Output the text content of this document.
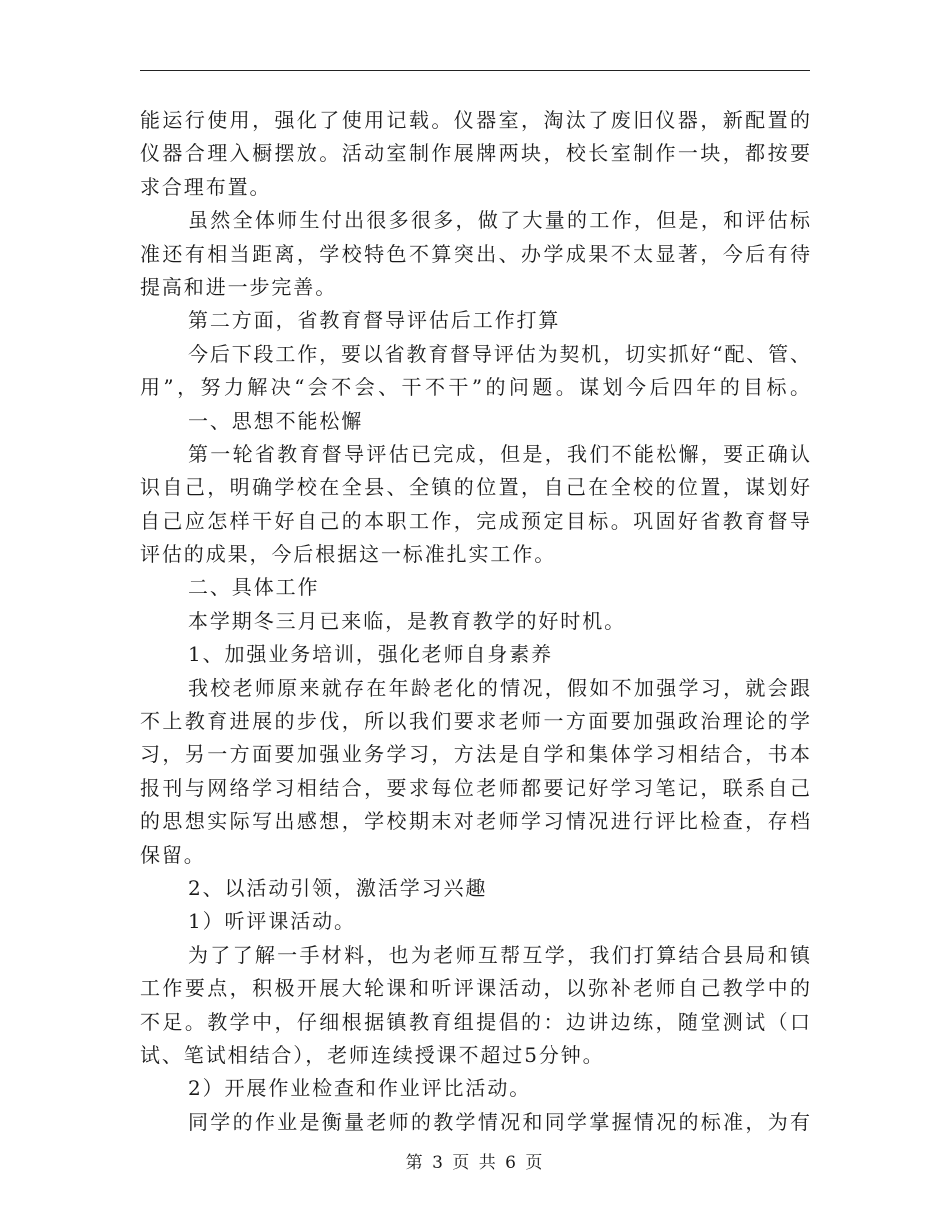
能运行使用，强化了使用记载。仪器室，淘汰了废旧仪器，新配置的
仪器合理入橱摆放。活动室制作展牌两块，校长室制作一块，都按要
求合理布置。
虽然全体师生付出很多很多，做了大量的工作，但是，和评估标
准还有相当距离，学校特色不算突出、办学成果不太显著，今后有待
提高和进一步完善。
第二方面，省教育督导评估后工作打算
今后下段工作，要以省教育督导评估为契机，切实抓好“配、管、
用”，努力解决“会不会、干不干”的问题。谋划今后四年的目标。
一、思想不能松懈
第一轮省教育督导评估已完成，但是，我们不能松懈，要正确认
识自己，明确学校在全县、全镇的位置，自己在全校的位置，谋划好
自己应怎样干好自己的本职工作，完成预定目标。巩固好省教育督导
评估的成果，今后根据这一标准扎实工作。
二、具体工作
本学期冬三月已来临，是教育教学的好时机。
1、加强业务培训，强化老师自身素养
我校老师原来就存在年龄老化的情况，假如不加强学习，就会跟
不上教育进展的步伐，所以我们要求老师一方面要加强政治理论的学
习，另一方面要加强业务学习，方法是自学和集体学习相结合，书本
报刊与网络学习相结合，要求每位老师都要记好学习笔记，联系自己
的思想实际写出感想，学校期末对老师学习情况进行评比检查，存档
保留。
2、以活动引领，激活学习兴趣
1）听评课活动。
为了了解一手材料，也为老师互帮互学，我们打算结合县局和镇
工作要点，积极开展大轮课和听评课活动，以弥补老师自己教学中的
不足。教学中，仔细根据镇教育组提倡的：边讲边练，随堂测试（口
试、笔试相结合），老师连续授课不超过5分钟。
2）开展作业检查和作业评比活动。
同学的作业是衡量老师的教学情况和同学掌握情况的标准，为有
第 3 页 共 6 页
